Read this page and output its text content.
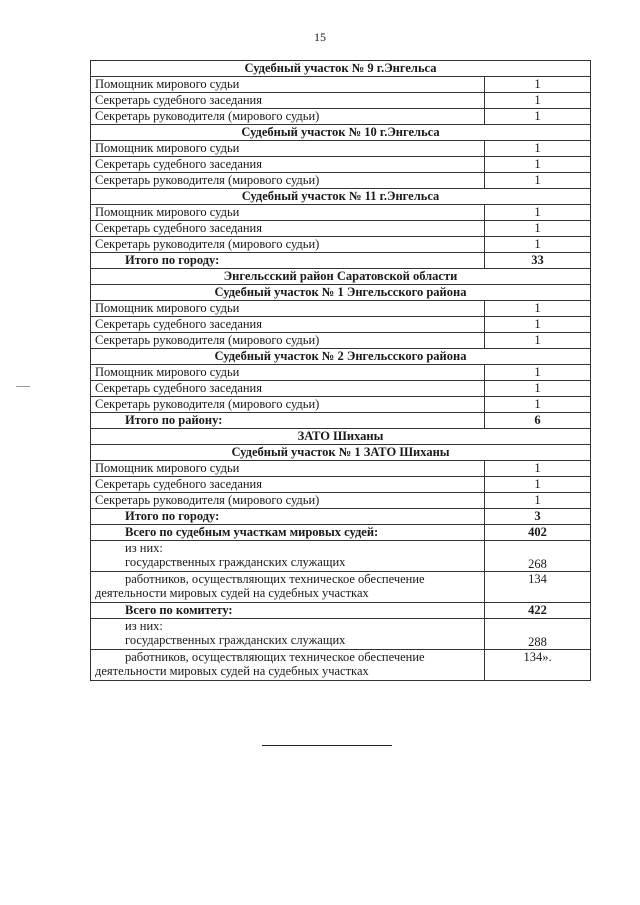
15
Судебный участок № 9 г.Энгельса	
Помощник мирового судьи	1
Секретарь судебного заседания	1
Секретарь руководителя (мирового судьи)	1
Судебный участок № 10 г.Энгельса	
Помощник мирового судьи	1
Секретарь судебного заседания	1
Секретарь руководителя (мирового судьи)	1
Судебный участок № 11 г.Энгельса	
Помощник мирового судьи	1
Секретарь судебного заседания	1
Секретарь руководителя (мирового судьи)	1
Итого по городу:	33
Энгельсский район Саратовской области	
Судебный участок № 1 Энгельсского района	
Помощник мирового судьи	1
Секретарь судебного заседания	1
Секретарь руководителя (мирового судьи)	1
Судебный участок № 2 Энгельсского района	
Помощник мирового судьи	1
Секретарь судебного заседания	1
Секретарь руководителя (мирового судьи)	1
Итого по району:	6
ЗАТО Шиханы	
Судебный участок № 1 ЗАТО Шиханы	
Помощник мирового судьи	1
Секретарь судебного заседания	1
Секретарь руководителя (мирового судьи)	1
Итого по городу:	3
Всего по судебным участкам мировых судей:	402

из них:
государственных гражданских служащих	268

работников, осуществляющих техническое обеспечение деятельности мировых судей на судебных участках	134
Всего по комитету:	422

из них:
государственных гражданских служащих	288

работников, осуществляющих техническое обеспечение деятельности мировых судей на судебных участках	134».
